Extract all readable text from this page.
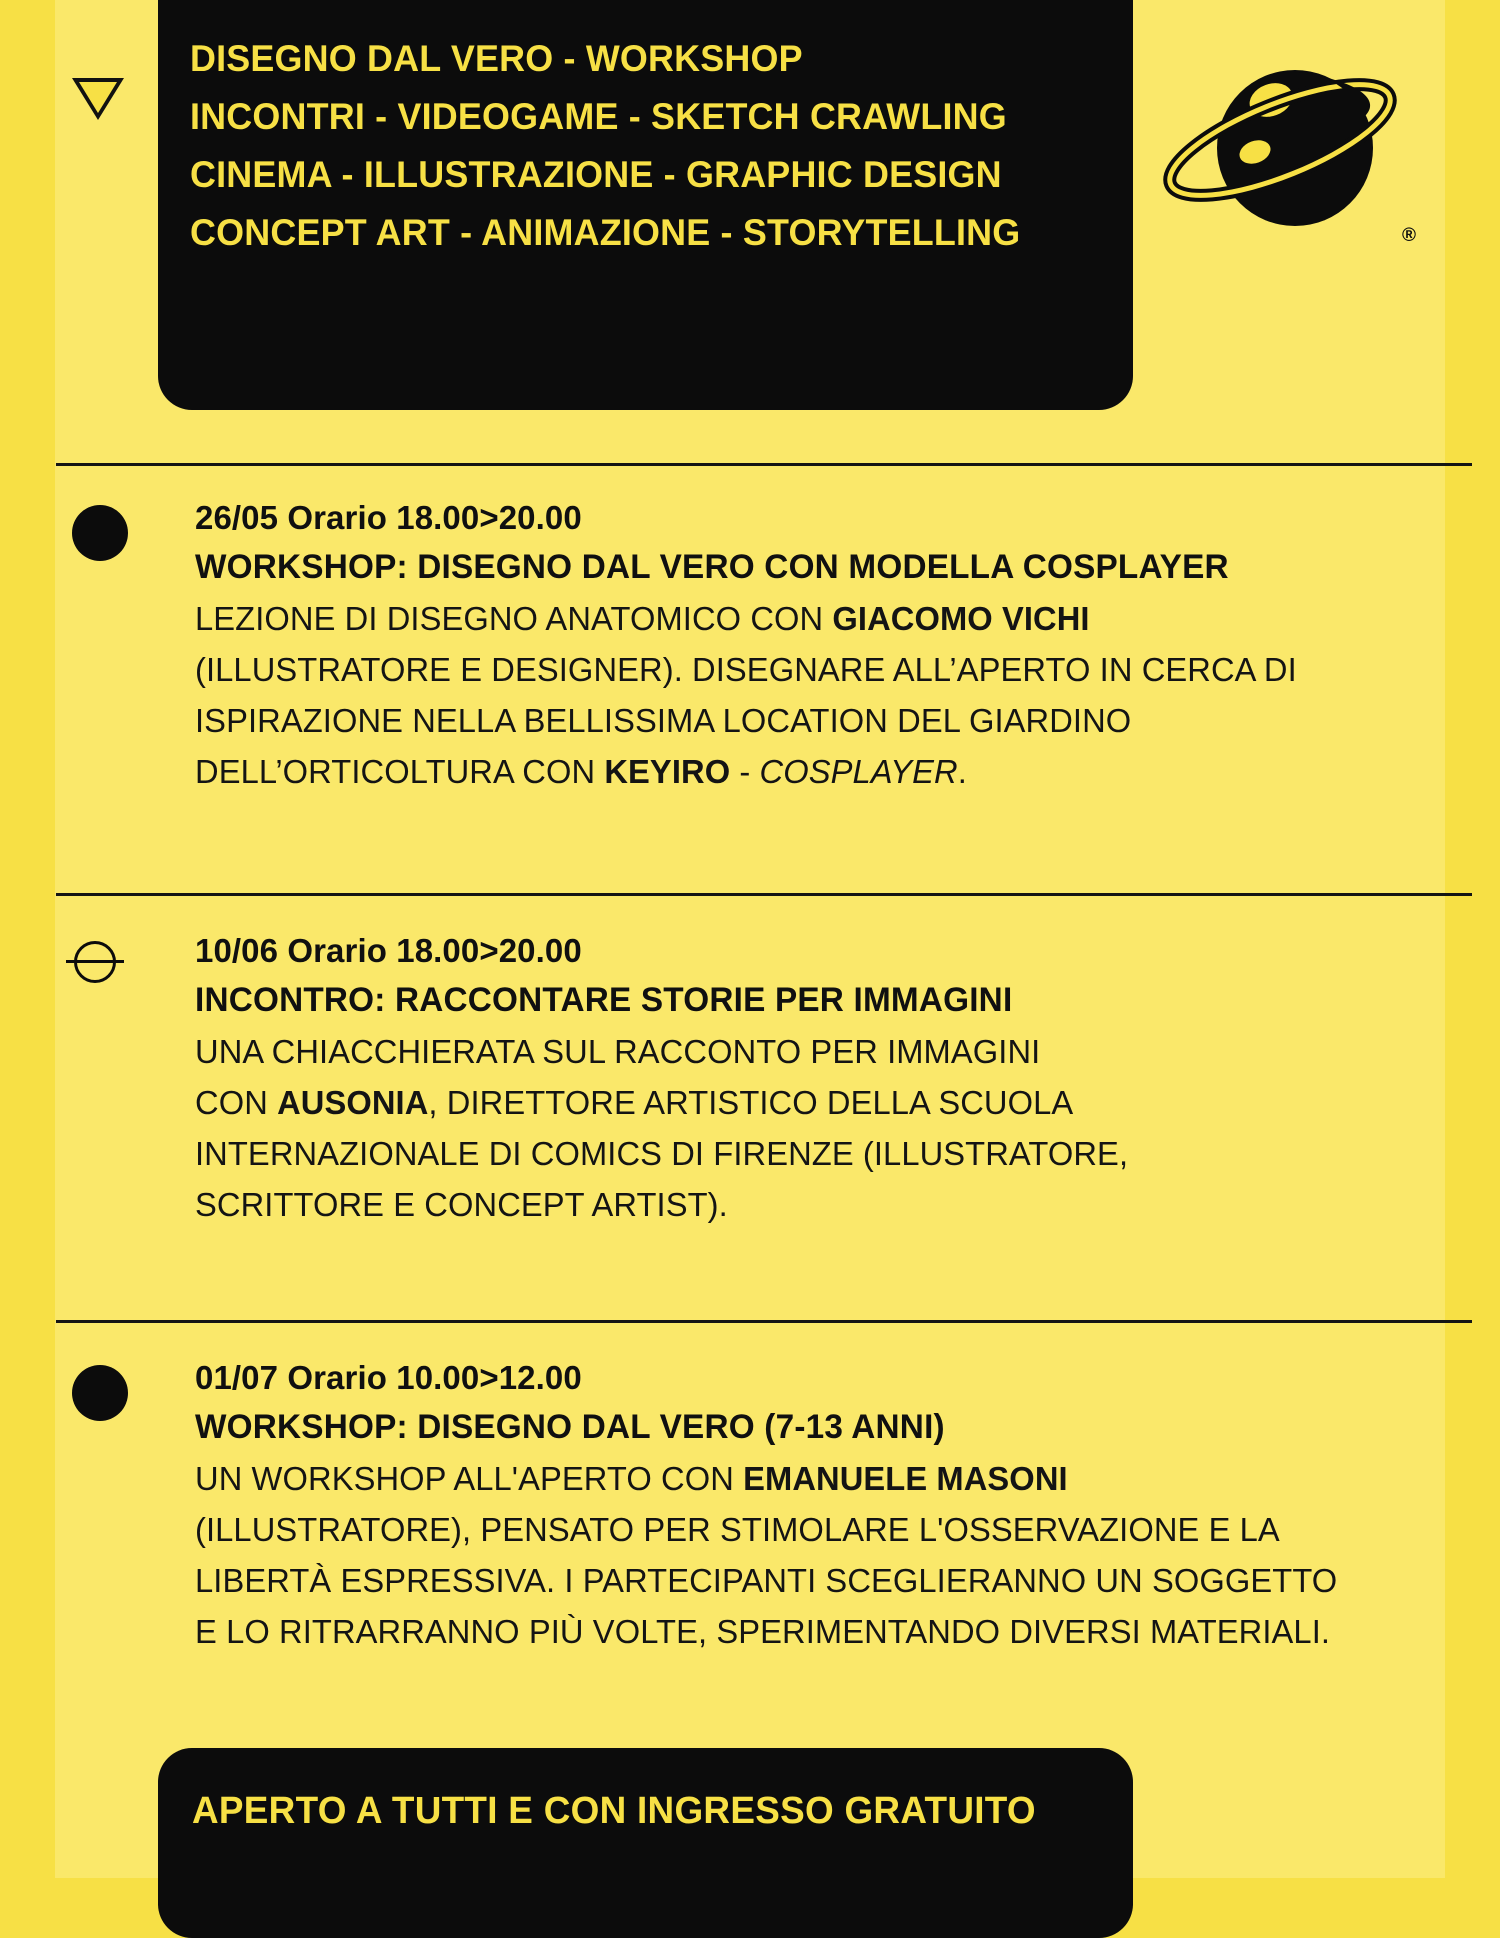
DISEGNO DAL VERO - WORKSHOP
INCONTRI - VIDEOGAME - SKETCH CRAWLING
CINEMA - ILLUSTRAZIONE - GRAPHIC DESIGN
CONCEPT ART - ANIMAZIONE - STORYTELLING	®
26/05 Orario 18.00>20.00
WORKSHOP: DISEGNO DAL VERO CON MODELLA COSPLAYER
LEZIONE DI DISEGNO ANATOMICO CON GIACOMO VICHI
(ILLUSTRATORE E DESIGNER). DISEGNARE ALL’APERTO IN CERCA DI
ISPIRAZIONE NELLA BELLISSIMA LOCATION DEL GIARDINO
DELL’ORTICOLTURA CON KEYIRO - COSPLAYER.
10/06 Orario 18.00>20.00
INCONTRO: RACCONTARE STORIE PER IMMAGINI
UNA CHIACCHIERATA SUL RACCONTO PER IMMAGINI
CON AUSONIA, DIRETTORE ARTISTICO DELLA SCUOLA
INTERNAZIONALE DI COMICS DI FIRENZE (ILLUSTRATORE,
SCRITTORE E CONCEPT ARTIST).
01/07 Orario 10.00>12.00
WORKSHOP: DISEGNO DAL VERO (7-13 ANNI)
UN WORKSHOP ALL'APERTO CON EMANUELE MASONI
(ILLUSTRATORE), PENSATO PER STIMOLARE L'OSSERVAZIONE E LA
LIBERTÀ ESPRESSIVA. I PARTECIPANTI SCEGLIERANNO UN SOGGETTO
E LO RITRARRANNO PIÙ VOLTE, SPERIMENTANDO DIVERSI MATERIALI.
APERTO A TUTTI E CON INGRESSO GRATUITO
